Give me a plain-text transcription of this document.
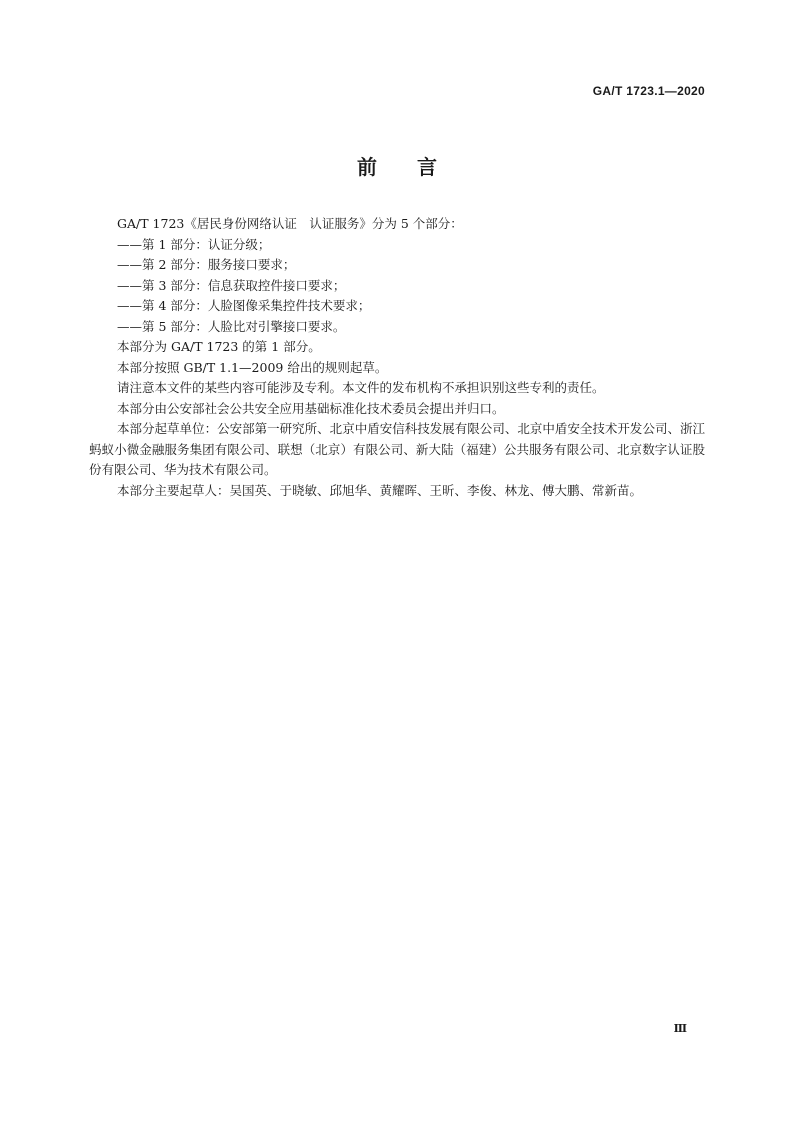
GA/T 1723.1—2020
前 言

GA/T 1723《居民身份网络认证　认证服务》分为 5 个部分：

——第 1 部分：认证分级；

——第 2 部分：服务接口要求；

——第 3 部分：信息获取控件接口要求；

——第 4 部分：人脸图像采集控件技术要求；

——第 5 部分：人脸比对引擎接口要求。

本部分为 GA/T 1723 的第 1 部分。

本部分按照 GB/T 1.1—2009 给出的规则起草。

请注意本文件的某些内容可能涉及专利。本文件的发布机构不承担识别这些专利的责任。

本部分由公安部社会公共安全应用基础标准化技术委员会提出并归口。

本部分起草单位：公安部第一研究所、北京中盾安信科技发展有限公司、北京中盾安全技术开发公司、浙江蚂蚁小微金融服务集团有限公司、联想（北京）有限公司、新大陆（福建）公共服务有限公司、北京数字认证股份有限公司、华为技术有限公司。

本部分主要起草人：吴国英、于晓敏、邱旭华、黄耀晖、王昕、李俊、林龙、傅大鹏、常新苗。

Ⅲ
